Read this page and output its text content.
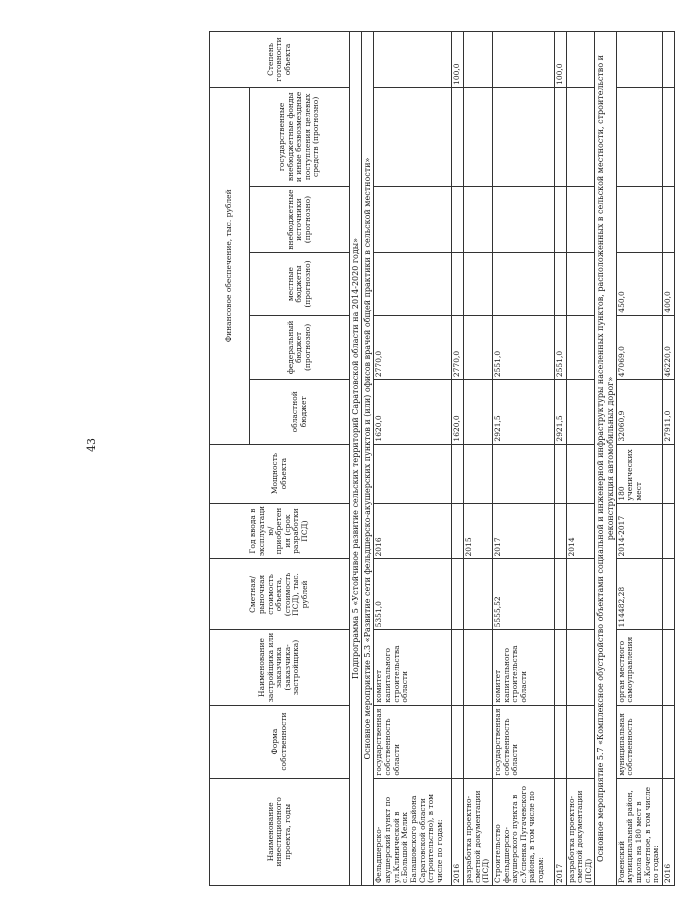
43
Наименование инвестиционного проекта, годы	Форма собственности	Наименование застройщика или заказчика (заказчика-застройщика)	Сметная/ рыночная стоимость объекта, (стоимость ПСД), тыс. рублей	Год ввода в эксплуатацию/ приобретения (срок разработки ПСД)	Мощность объекта	Финансовое обеспечение, тыс. рублей					Степень готовности объекта
						областной бюджет	федеральный бюджет (прогнозно)	местные бюджеты (прогнозно)	внебюджетные источники (прогнозно)	государственные внебюджетные фонды и иные безвозмездные поступления целевых средств (прогнозно)	
Подпрограмма 5 «Устойчивое развитие сельских территорий Саратовской области на 2014-2020 годы»											
Основное мероприятие 5.3 «Развитие сети фельдшерско-акушерских пунктов и (или) офисов врачей общей практики в сельской местности»											
Фельдшерско-акушерский пункт по ул.Клинической в с.Большой Мелик Балашовского района Саратовской области (строительство), в том числе по годам:	государственная собственность области	комитет капитального строительства области	5351,0	2016		1620,0	2770,0				
2016						1620,0	2770,0				100,0
разработка проектно-сметной документации (ПСД)				2015							
Строительство фельдшерско-акушерского пункта в с.Успенка Пугачевского района, в том числе по годам:	государственная собственность области	комитет капитального строительства области	5555,52	2017		2921,5	2551,0				
2017						2921,5	2551,0				100,0
разработка проектно-сметной документации (ПСД)				2014							
Основное мероприятие 5.7 «Комплексное обустройство объектами социальной и инженерной инфраструктуры населенных пунктов, расположенных в сельской местности, строительство и реконструкция автомобильных дорог»											
Ровенский муниципальный район, школа на 180 мест в с.Кочетное, в том числе по годам:	муниципальная собственность	орган местного самоуправления	114482,28	2014-2017	180 ученических мест	32060,9	47069,0	450,0			
2016						27911,0	46220,0	400,0			
